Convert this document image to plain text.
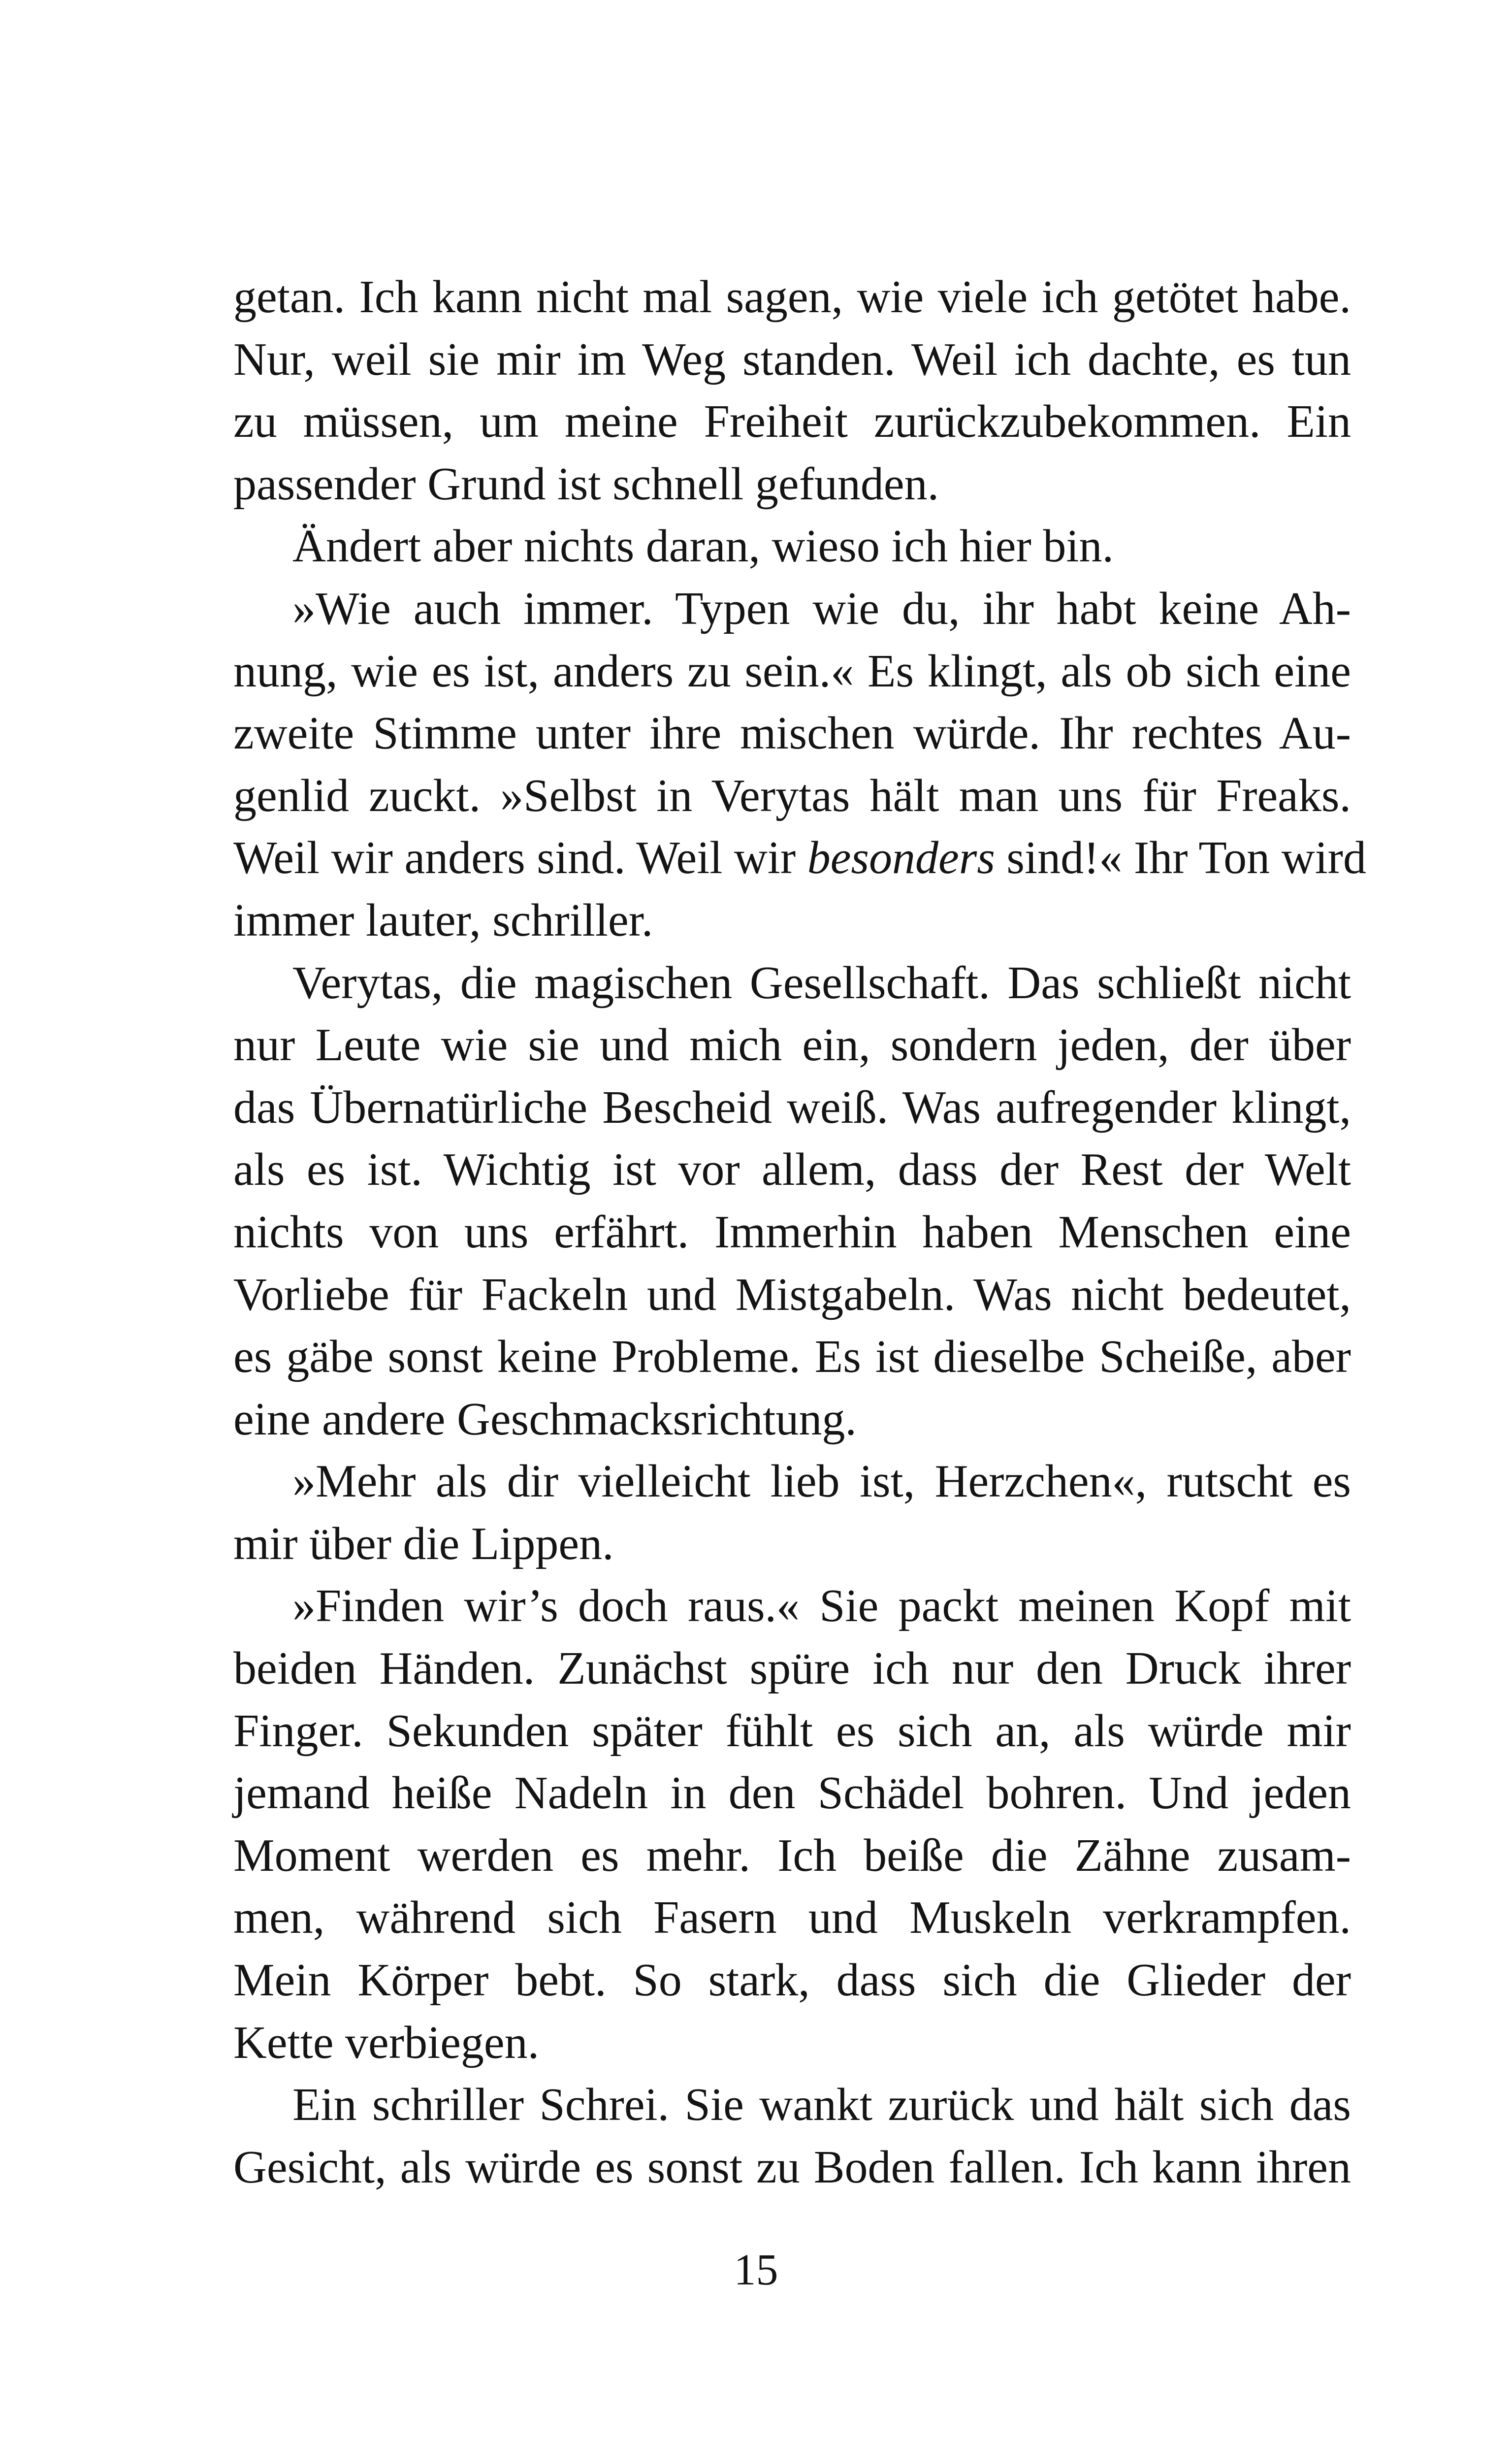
getan. Ich kann nicht mal sagen, wie viele ich getötet habe.
Nur, weil sie mir im Weg standen. Weil ich dachte, es tun
zu müssen, um meine Freiheit zurückzubekommen. Ein
passender Grund ist schnell gefunden.
Ändert aber nichts daran, wieso ich hier bin.
»Wie auch immer. Typen wie du, ihr habt keine Ah-
nung, wie es ist, anders zu sein.« Es klingt, als ob sich eine
zweite Stimme unter ihre mischen würde. Ihr rechtes Au-
genlid zuckt. »Selbst in Verytas hält man uns für Freaks.
Weil wir anders sind. Weil wir besonders sind!« Ihr Ton wird
immer lauter, schriller.
Verytas, die magischen Gesellschaft. Das schließt nicht
nur Leute wie sie und mich ein, sondern jeden, der über
das Übernatürliche Bescheid weiß. Was aufregender klingt,
als es ist. Wichtig ist vor allem, dass der Rest der Welt
nichts von uns erfährt. Immerhin haben Menschen eine
Vorliebe für Fackeln und Mistgabeln. Was nicht bedeutet,
es gäbe sonst keine Probleme. Es ist dieselbe Scheiße, aber
eine andere Geschmacksrichtung.
»Mehr als dir vielleicht lieb ist, Herzchen«, rutscht es
mir über die Lippen.
»Finden wir’s doch raus.« Sie packt meinen Kopf mit
beiden Händen. Zunächst spüre ich nur den Druck ihrer
Finger. Sekunden später fühlt es sich an, als würde mir
jemand heiße Nadeln in den Schädel bohren. Und jeden
Moment werden es mehr. Ich beiße die Zähne zusam-
men, während sich Fasern und Muskeln verkrampfen.
Mein Körper bebt. So stark, dass sich die Glieder der
Kette verbiegen.
Ein schriller Schrei. Sie wankt zurück und hält sich das
Gesicht, als würde es sonst zu Boden fallen. Ich kann ihren
15
